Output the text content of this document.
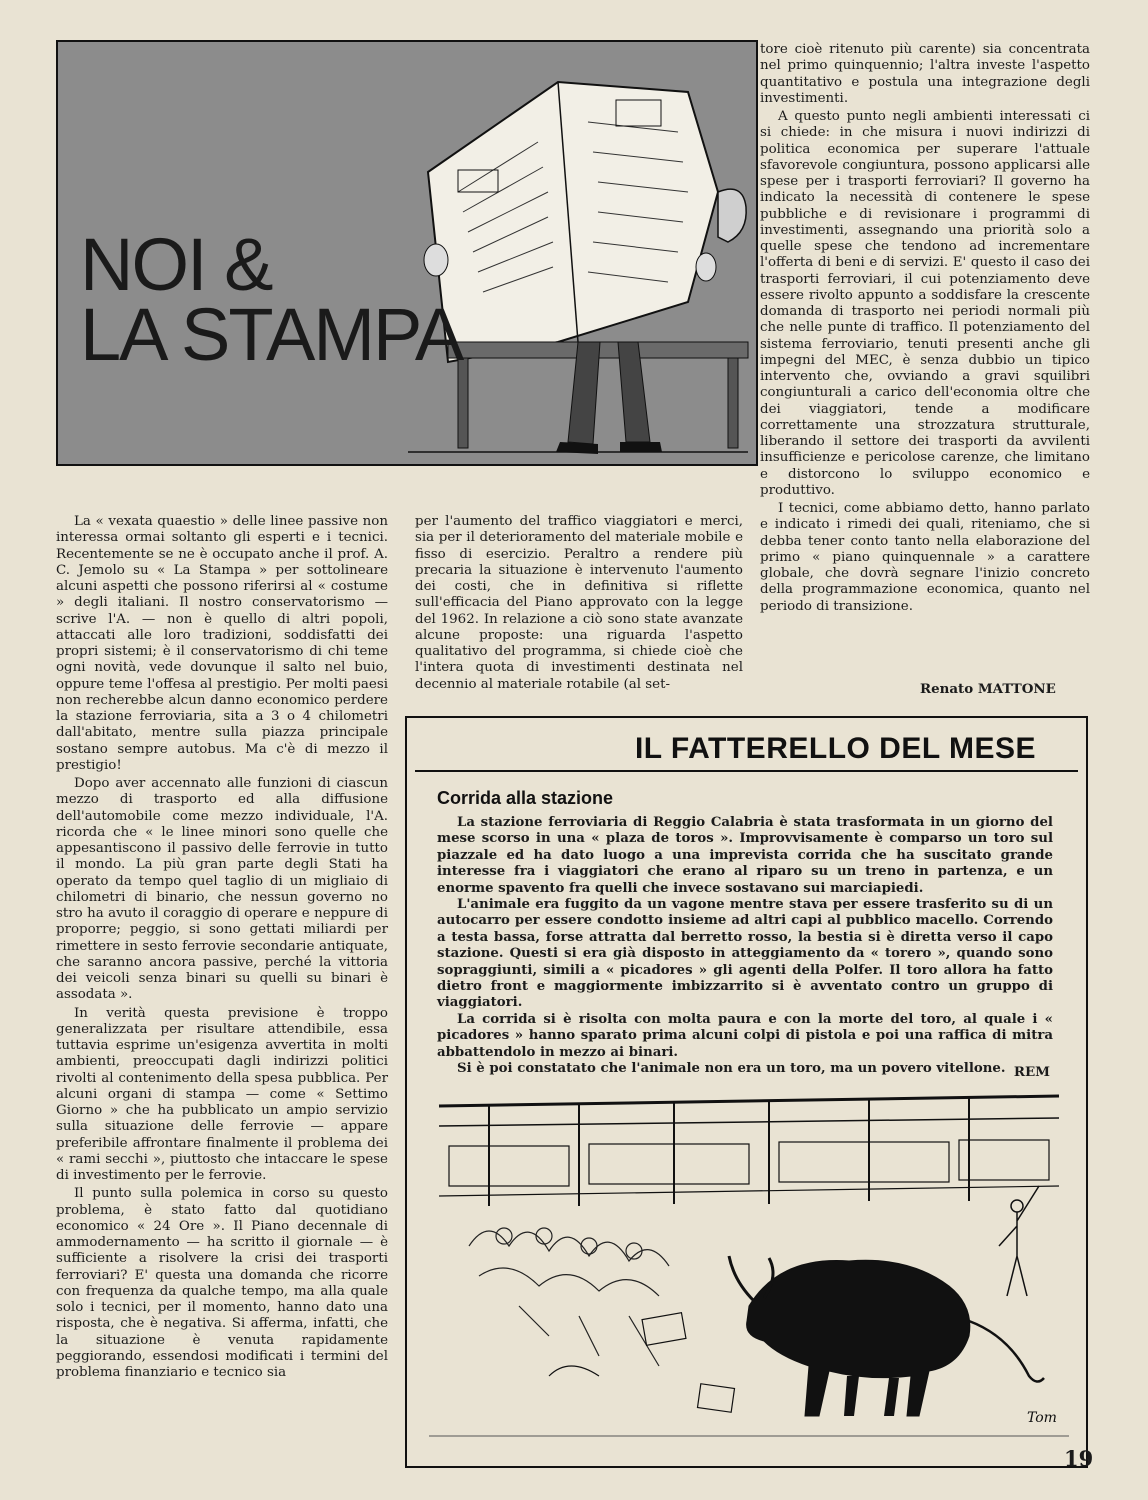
NOI &
LA STAMPA

La « vexata quaestio » delle linee passive non interessa ormai soltanto gli esperti e i tecnici. Recentemente se ne è occupato anche il prof. A. C. Jemolo su « La Stampa » per sottolineare alcuni aspetti che possono riferirsi al « costume » degli italiani. Il nostro conservatorismo — scrive l'A. — non è quello di altri popoli, attaccati alle loro tradizioni, soddisfatti dei propri sistemi; è il conservatorismo di chi teme ogni novità, vede dovunque il salto nel buio, oppure teme l'offesa al prestigio. Per molti paesi non recherebbe alcun danno economico perdere la stazione ferroviaria, sita a 3 o 4 chilometri dall'abitato, mentre sulla piazza principale sostano sempre autobus. Ma c'è di mezzo il prestigio!

Dopo aver accennato alle funzioni di ciascun mezzo di trasporto ed alla diffusione dell'automobile come mezzo individuale, l'A. ricorda che « le linee minori sono quelle che appesantiscono il passivo delle ferrovie in tutto il mondo. La più gran parte degli Stati ha operato da tempo quel taglio di un migliaio di chilometri di binario, che nessun governo no stro ha avuto il coraggio di operare e neppure di proporre; peggio, si sono gettati miliardi per rimettere in sesto ferrovie secondarie antiquate, che saranno ancora passive, perché la vittoria dei veicoli senza binari su quelli su binari è assodata ».

In verità questa previsione è troppo generalizzata per risultare attendibile, essa tuttavia esprime un'esigenza avvertita in molti ambienti, preoccupati dagli indirizzi politici rivolti al contenimento della spesa pubblica. Per alcuni organi di stampa — come « Settimo Giorno » che ha pubblicato un ampio servizio sulla situazione delle ferrovie — appare preferibile affrontare finalmente il problema dei « rami secchi », piuttosto che intaccare le spese di investimento per le ferrovie.

Il punto sulla polemica in corso su questo problema, è stato fatto dal quotidiano economico « 24 Ore ». Il Piano decennale di ammodernamento — ha scritto il giornale — è sufficiente a risolvere la crisi dei trasporti ferroviari? E' questa una domanda che ricorre con frequenza da qualche tempo, ma alla quale solo i tecnici, per il momento, hanno dato una risposta, che è negativa. Si afferma, infatti, che la situazione è venuta rapidamente peggiorando, essendosi modificati i termini del problema finanziario e tecnico sia

per l'aumento del traffico viaggiatori e merci, sia per il deterioramento del materiale mobile e fisso di esercizio. Peraltro a rendere più precaria la situazione è intervenuto l'aumento dei costi, che in definitiva si riflette sull'efficacia del Piano approvato con la legge del 1962. In relazione a ciò sono state avanzate alcune proposte: una riguarda l'aspetto qualitativo del programma, si chiede cioè che l'intera quota di investimenti destinata nel decennio al materiale rotabile (al set-

tore cioè ritenuto più carente) sia concentrata nel primo quinquennio; l'altra investe l'aspetto quantitativo e postula una integrazione degli investimenti.

A questo punto negli ambienti interessati ci si chiede: in che misura i nuovi indirizzi di politica economica per superare l'attuale sfavorevole congiuntura, possono applicarsi alle spese per i trasporti ferroviari? Il governo ha indicato la necessità di contenere le spese pubbliche e di revisionare i programmi di investimenti, assegnando una priorità solo a quelle spese che tendono ad incrementare l'offerta di beni e di servizi. E' questo il caso dei trasporti ferroviari, il cui potenziamento deve essere rivolto appunto a soddisfare la crescente domanda di trasporto nei periodi normali più che nelle punte di traffico. Il potenziamento del sistema ferroviario, tenuti presenti anche gli impegni del MEC, è senza dubbio un tipico intervento che, ovviando a gravi squilibri congiunturali a carico dell'economia oltre che dei viaggiatori, tende a modificare correttamente una strozzatura strutturale, liberando il settore dei trasporti da avvilenti insufficienze e pericolose carenze, che limitano e distorcono lo sviluppo economico e produttivo.

I tecnici, come abbiamo detto, hanno parlato e indicato i rimedi dei quali, riteniamo, che si debba tener conto tanto nella elaborazione del primo « piano quinquennale » a carattere globale, che dovrà segnare l'inizio concreto della programmazione economica, quanto nel periodo di transizione.

Renato MATTONE
IL FATTERELLO DEL MESE
Corrida alla stazione

La stazione ferroviaria di Reggio Calabria è stata trasformata in un giorno del mese scorso in una « plaza de toros ». Improvvisamente è comparso un toro sul piazzale ed ha dato luogo a una imprevista corrida che ha suscitato grande interesse fra i viaggiatori che erano al riparo su un treno in partenza, e un enorme spavento fra quelli che invece sostavano sui marciapiedi.

L'animale era fuggito da un vagone mentre stava per essere trasferito su di un autocarro per essere condotto insieme ad altri capi al pubblico macello. Correndo a testa bassa, forse attratta dal berretto rosso, la bestia si è diretta verso il capo stazione. Questi si era già disposto in atteggiamento da « torero », quando sono sopraggiunti, simili a « picadores » gli agenti della Polfer. Il toro allora ha fatto dietro front e maggiormente imbizzarrito si è avventato contro un gruppo di viaggiatori.

La corrida si è risolta con molta paura e con la morte del toro, al quale i « picadores » hanno sparato prima alcuni colpi di pistola e poi una raffica di mitra abbattendolo in mezzo ai binari.

Si è poi constatato che l'animale non era un toro, ma un povero vitellone. REM
Tom
19
